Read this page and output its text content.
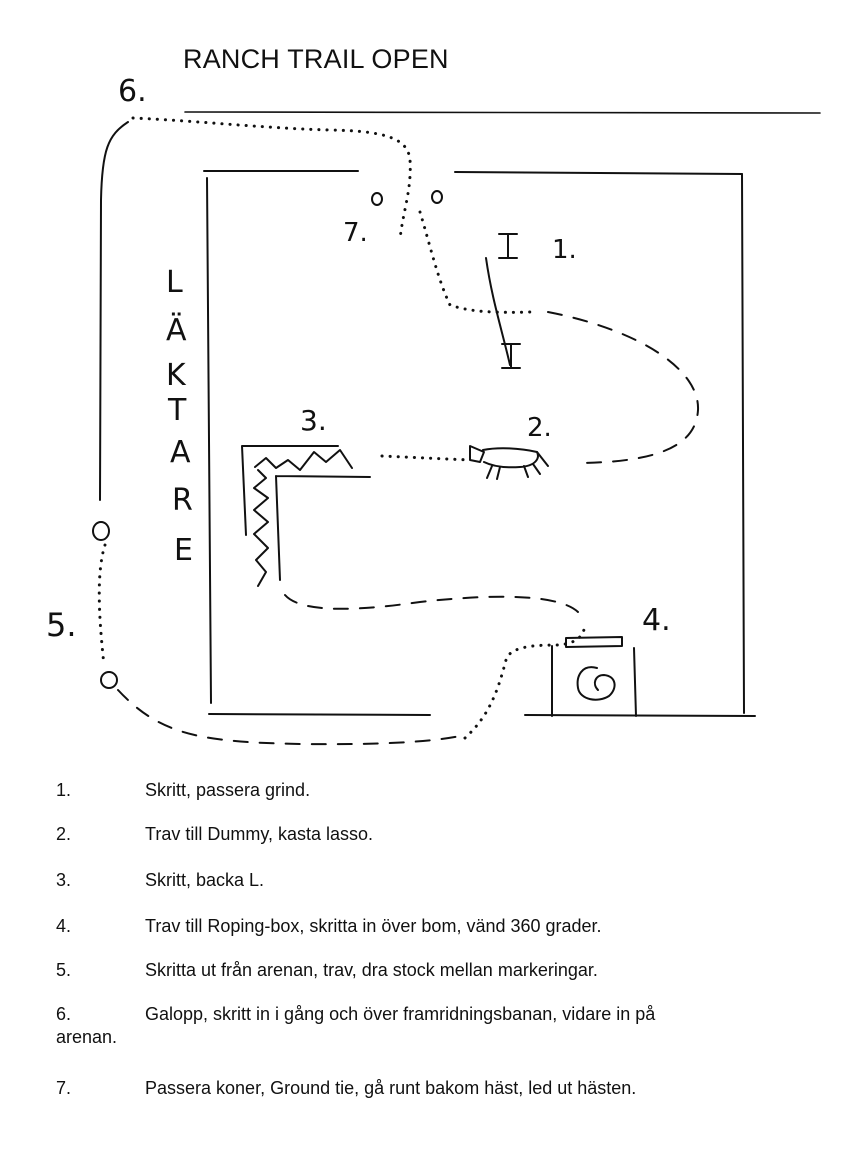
RANCH TRAIL OPEN
6.
7.
1.
3.	2.
5.	4.
L
Ä
K
T
A
R
E
1.	Skritt, passera grind.
2.	Trav till Dummy, kasta lasso.
3.	Skritt, backa L.
4.	Trav till Roping-box, skritta in över bom, vänd 360 grader.
5.	Skritta ut från arenan, trav, dra stock mellan markeringar.
6.	Galopp, skritt in i gång och över framridningsbanan, vidare in på
arenan.
7.	Passera koner, Ground tie, gå runt bakom häst, led ut hästen.
